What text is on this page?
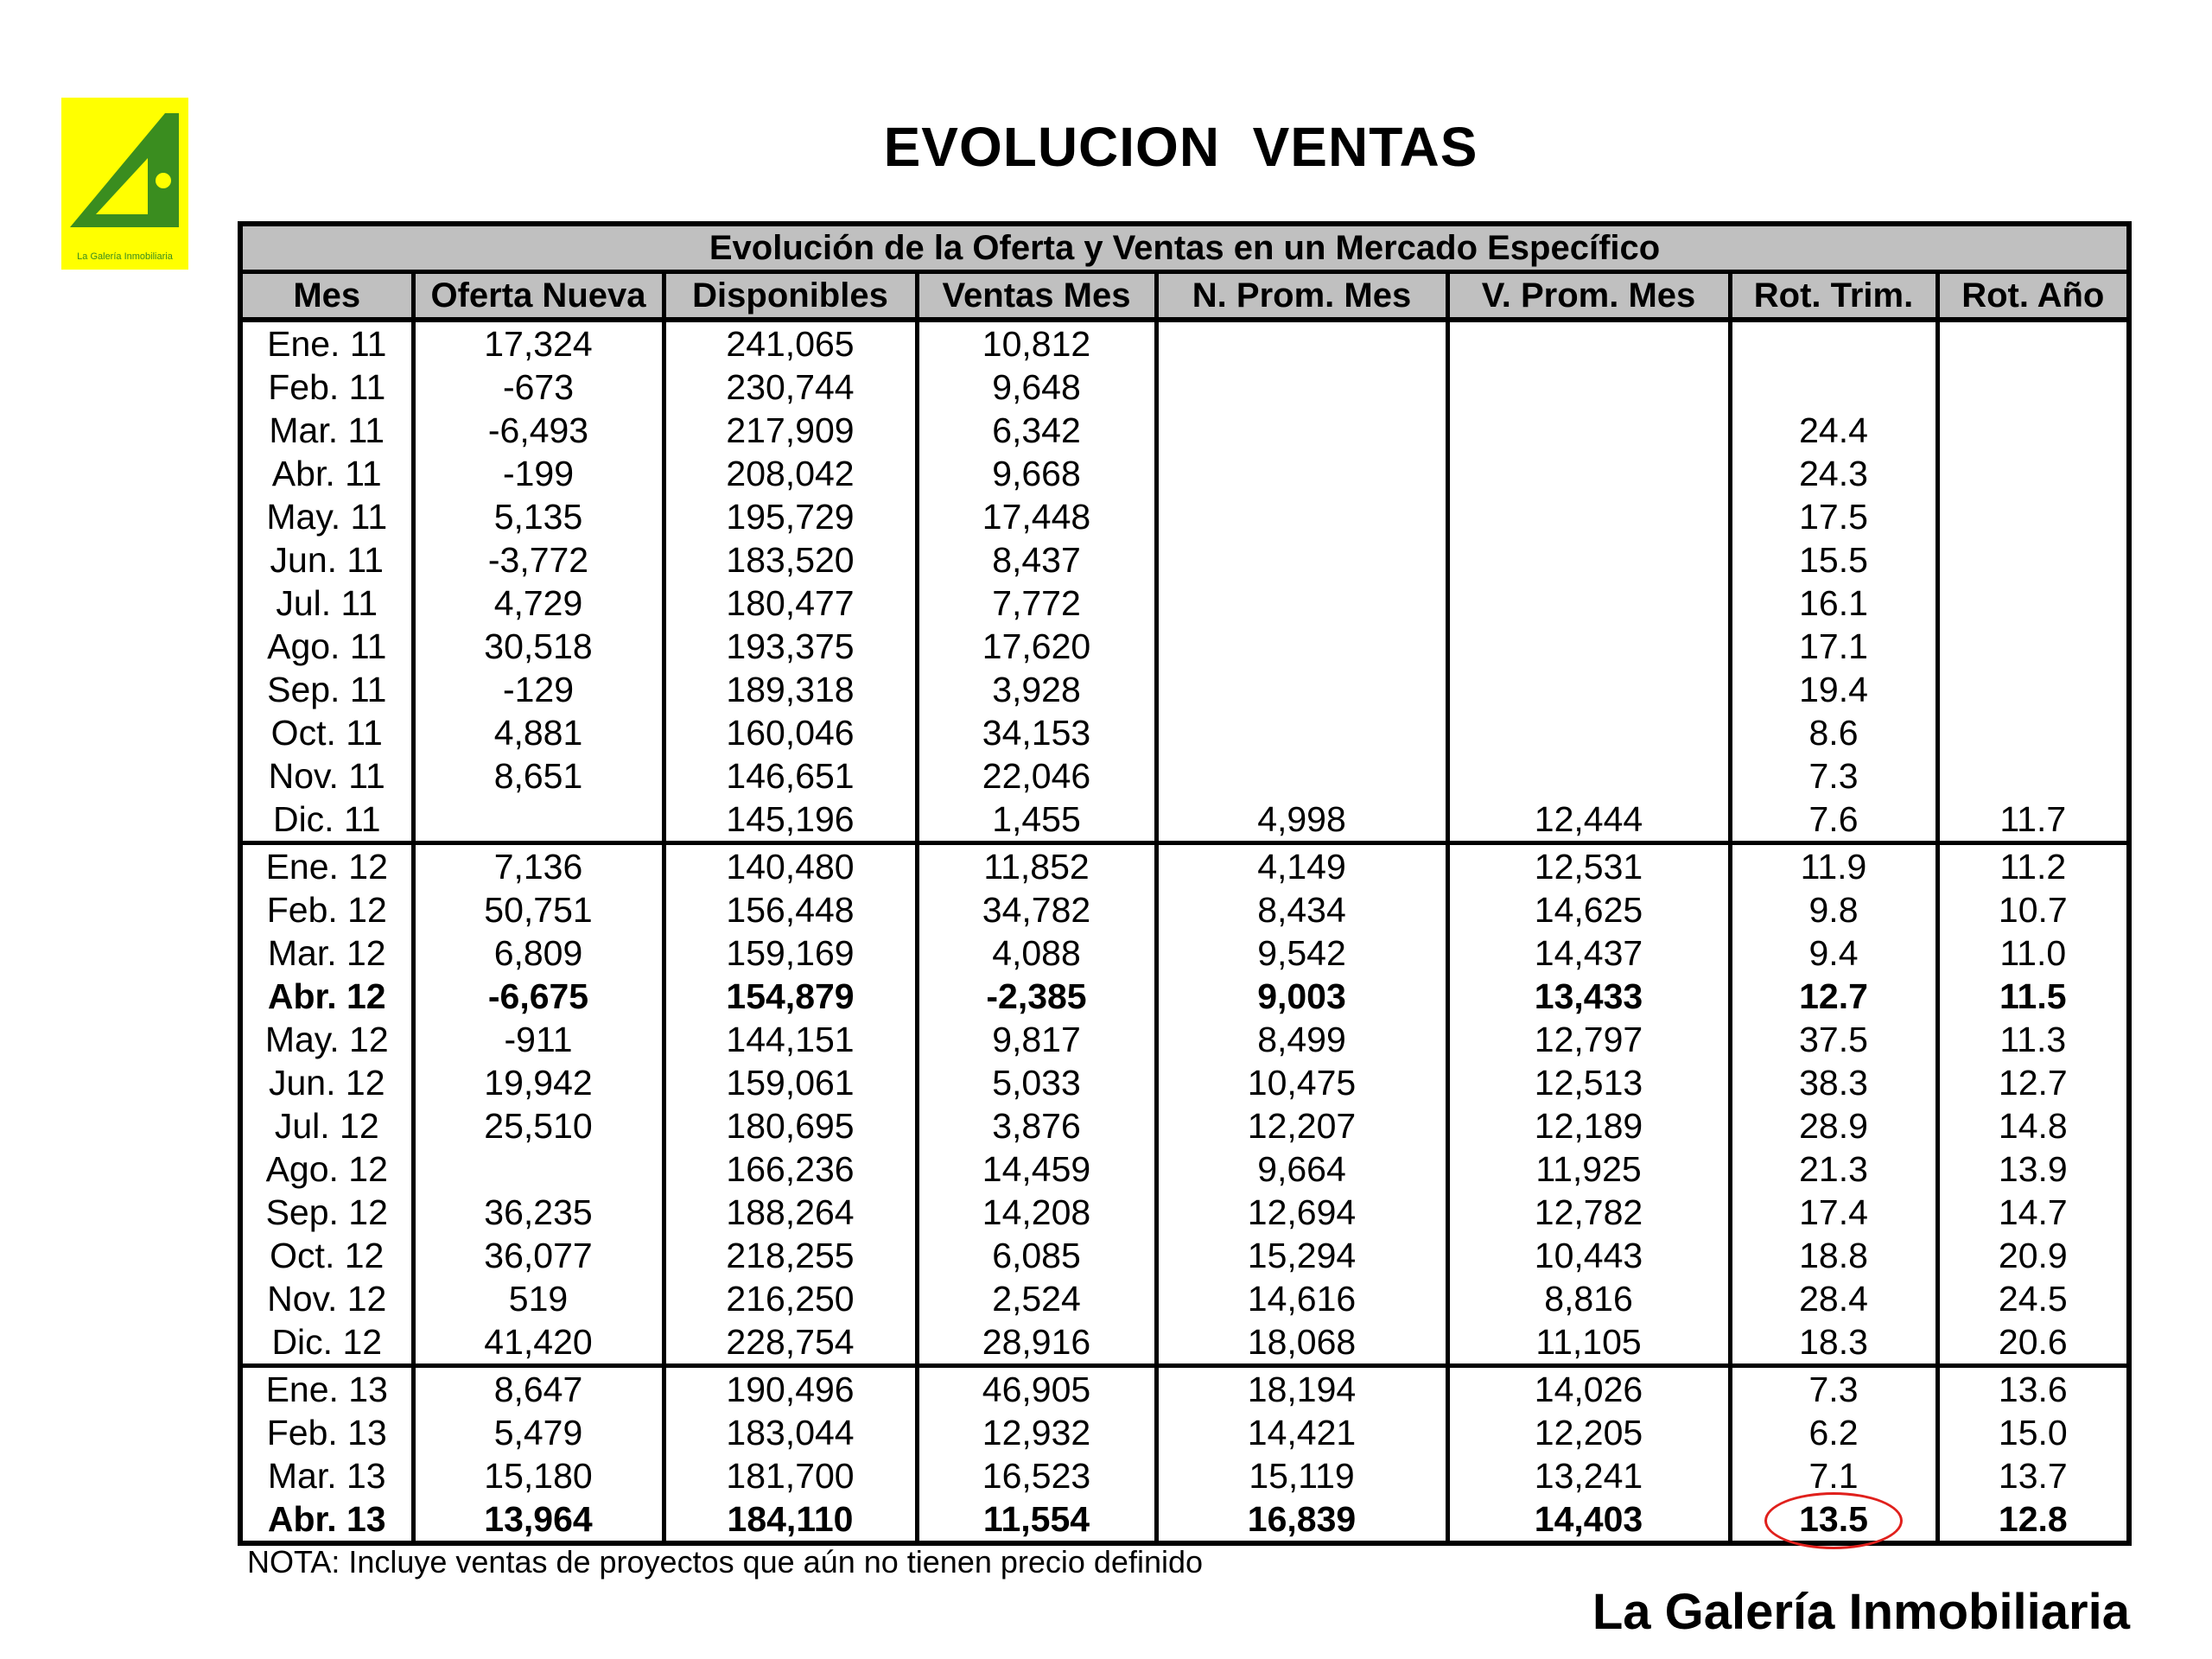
La Galería Inmobiliaria
EVOLUCION  VENTAS
Evolución de la Oferta y Ventas en un Mercado Específico							
Mes	Oferta Nueva	Disponibles	Ventas Mes	N. Prom. Mes	V. Prom. Mes	Rot. Trim.	Rot. Año
Ene. 11	17,324	241,065	10,812				
Feb. 11	-673	230,744	9,648				
Mar. 11	-6,493	217,909	6,342			24.4	
Abr. 11	-199	208,042	9,668			24.3	
May. 11	5,135	195,729	17,448			17.5	
Jun. 11	-3,772	183,520	8,437			15.5	
Jul. 11	4,729	180,477	7,772			16.1	
Ago. 11	30,518	193,375	17,620			17.1	
Sep. 11	-129	189,318	3,928			19.4	
Oct. 11	4,881	160,046	34,153			8.6	
Nov. 11	8,651	146,651	22,046			7.3	
Dic. 11		145,196	1,455	4,998	12,444	7.6	11.7
Ene. 12	7,136	140,480	11,852	4,149	12,531	11.9	11.2
Feb. 12	50,751	156,448	34,782	8,434	14,625	9.8	10.7
Mar. 12	6,809	159,169	4,088	9,542	14,437	9.4	11.0
Abr. 12	-6,675	154,879	-2,385	9,003	13,433	12.7	11.5
May. 12	-911	144,151	9,817	8,499	12,797	37.5	11.3
Jun. 12	19,942	159,061	5,033	10,475	12,513	38.3	12.7
Jul. 12	25,510	180,695	3,876	12,207	12,189	28.9	14.8
Ago. 12		166,236	14,459	9,664	11,925	21.3	13.9
Sep. 12	36,235	188,264	14,208	12,694	12,782	17.4	14.7
Oct. 12	36,077	218,255	6,085	15,294	10,443	18.8	20.9
Nov. 12	519	216,250	2,524	14,616	8,816	28.4	24.5
Dic. 12	41,420	228,754	28,916	18,068	11,105	18.3	20.6
Ene. 13	8,647	190,496	46,905	18,194	14,026	7.3	13.6
Feb. 13	5,479	183,044	12,932	14,421	12,205	6.2	15.0
Mar. 13	15,180	181,700	16,523	15,119	13,241	7.1	13.7
Abr. 13	13,964	184,110	11,554	16,839	14,403	13.5	12.8
NOTA: Incluye ventas de proyectos que aún no tienen precio definido
La Galería Inmobiliaria
